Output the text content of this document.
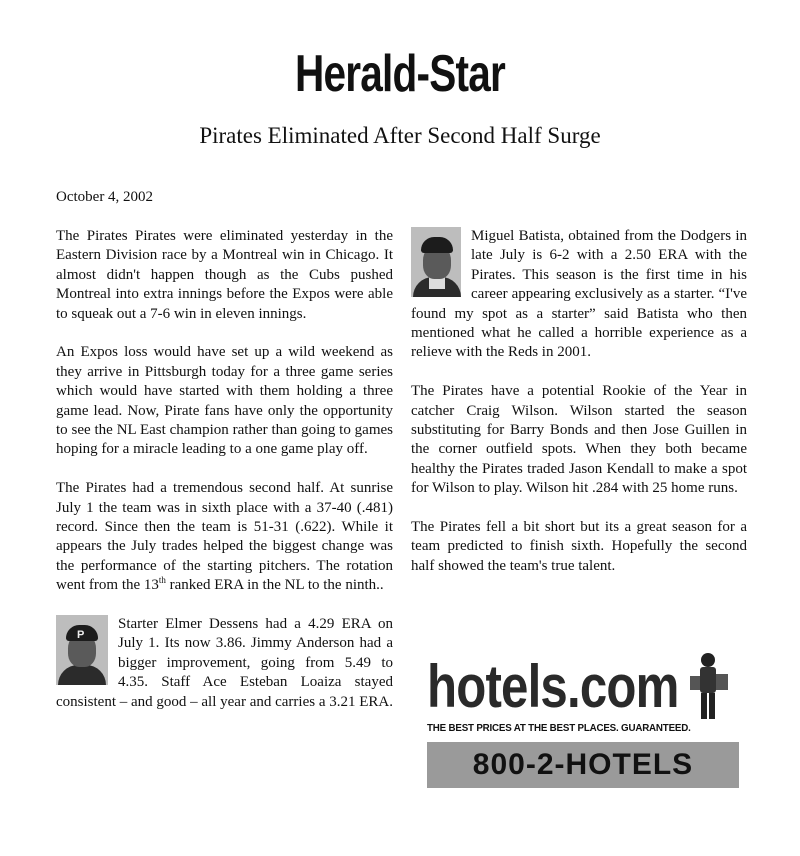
Herald-Star
Pirates Eliminated After Second Half Surge
October 4, 2002

The Pirates Pirates were eliminated yesterday in the Eastern Division race by a Montreal win in Chicago. It almost didn't happen though as the Cubs pushed Montreal into extra innings before the Expos were able to squeak out a 7-6 win in eleven innings.

An Expos loss would have set up a wild weekend as they arrive in Pittsburgh today for a three game series which would have started with them holding a three game lead. Now, Pirate fans have only the opportunity to see the NL East champion rather than going to games hoping for a miracle leading to a one game play off.

The Pirates had a tremendous second half. At sunrise July 1 the team was in sixth place with a 37-40 (.481) record. Since then the team is 51-31 (.622). While it appears the July trades helped the biggest change was the performance of the starting pitchers. The rotation went from the 13th ranked ERA in the NL to the ninth..

P
Starter Elmer Dessens had a 4.29 ERA on July 1. Its now 3.86. Jimmy Anderson had a bigger improvement, going from 5.49 to 4.35. Staff Ace Esteban Loaiza stayed consistent – and good – all year and carries a 3.21 ERA.

Miguel Batista, obtained from the Dodgers in late July is 6-2 with a 2.50 ERA with the Pirates. This season is the first time in his career appearing exclusively as a starter. “I've found my spot as a starter” said Batista who then mentioned what he called a horrible experience as a relieve with the Reds in 2001.

The Pirates have a potential Rookie of the Year in catcher Craig Wilson. Wilson started the season substituting for Barry Bonds and then Jose Guillen in the corner outfield spots. When they both became healthy the Pirates traded Jason Kendall to make a spot for Wilson to play. Wilson hit .284 with 25 home runs.

The Pirates fell a bit short but its a great season for a team predicted to finish sixth. Hopefully the second half showed the team's true talent.

hotels.com
THE BEST PRICES AT THE BEST PLACES. GUARANTEED.
800-2-HOTELS
